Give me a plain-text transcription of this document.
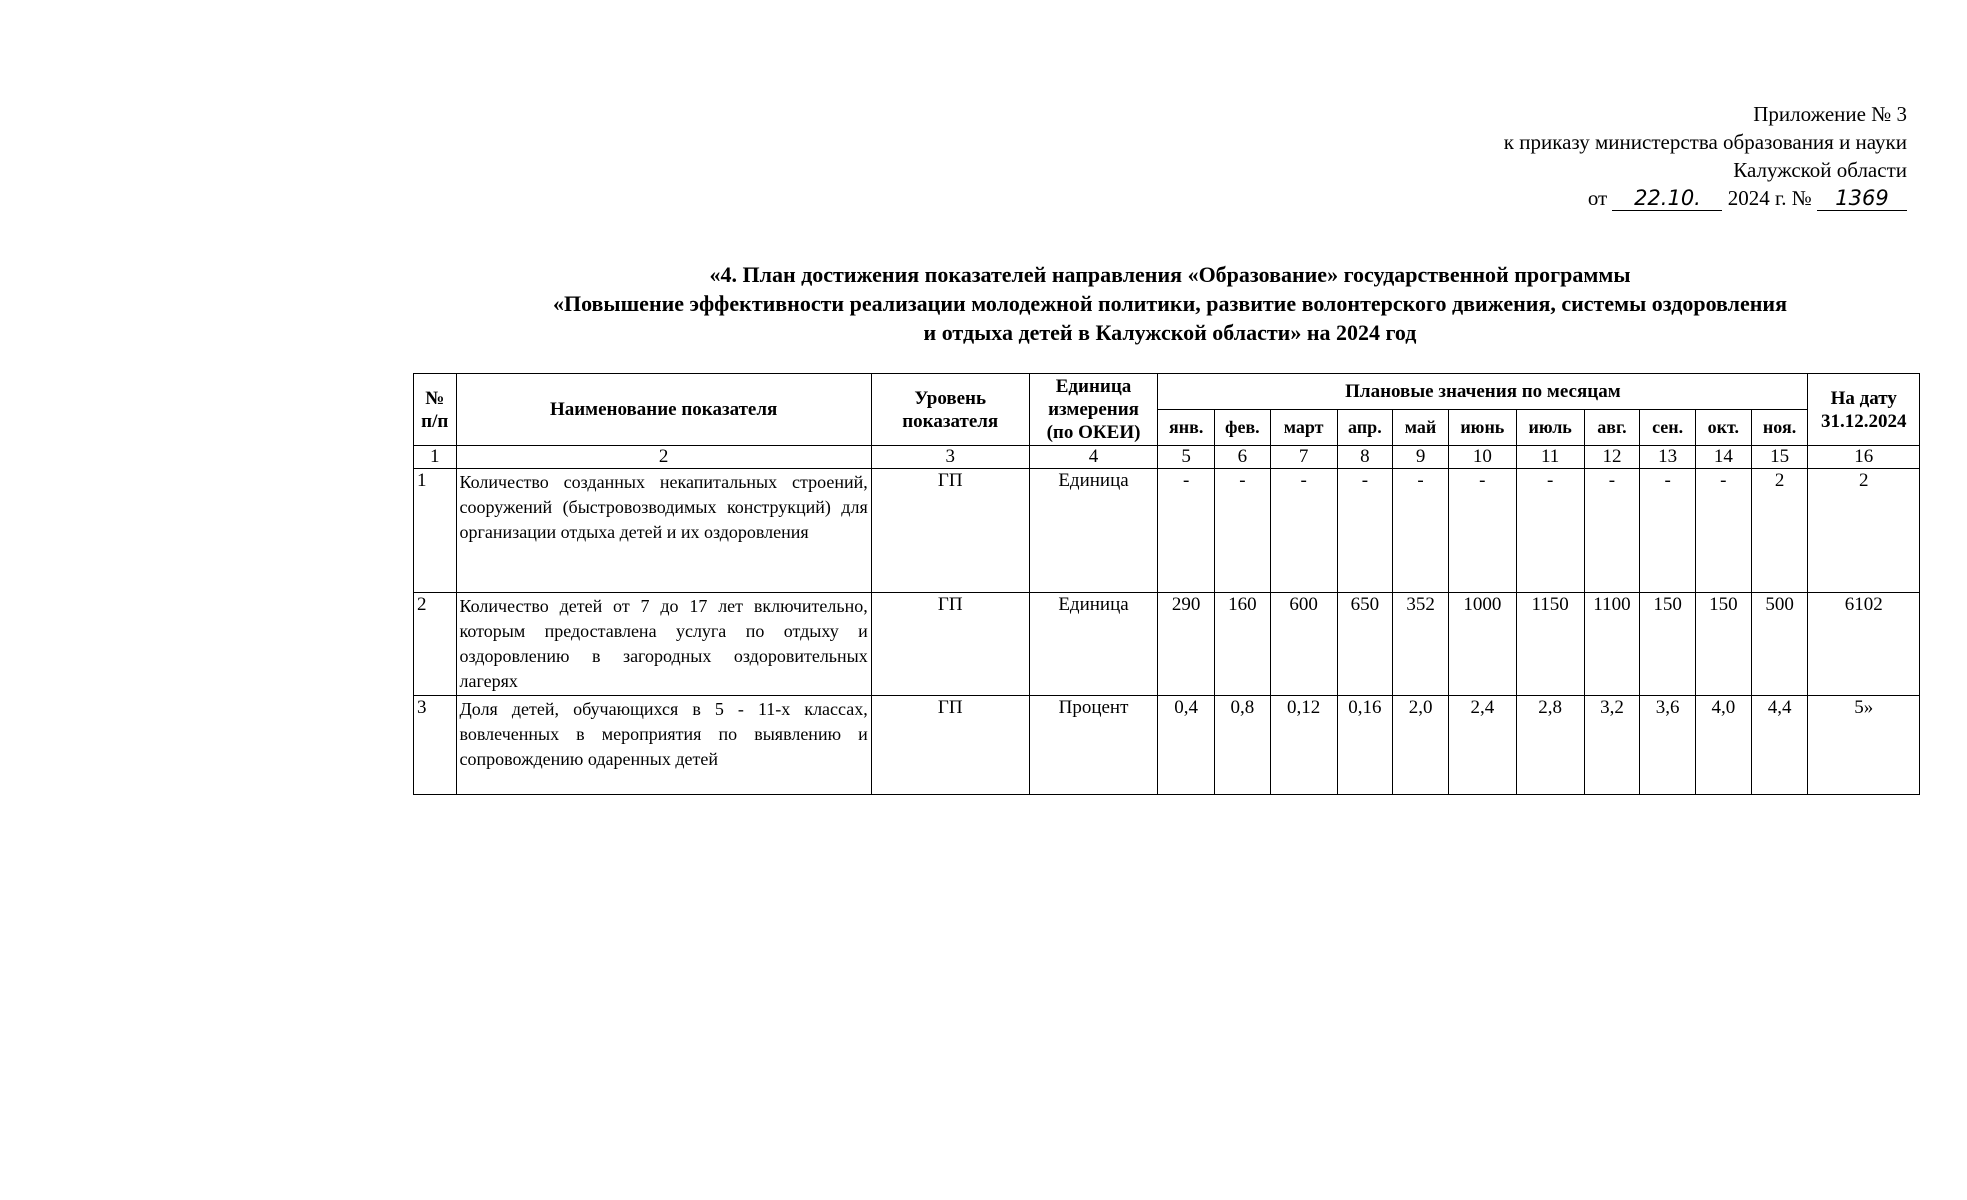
Приложение № 3
к приказу министерства образования и науки
Калужской области
от 22.10. 2024 г. № 1369
«4. План достижения показателей направления «Образование» государственной программы
«Повышение эффективности реализации молодежной политики, развитие волонтерского движения, системы оздоровления
и отдыха детей в Калужской области» на 2024 год
№ п/п	Наименование показателя	Уровень показателя	Единица измерения (по ОКЕИ)	Плановые значения по месяцам											На дату 31.12.2024
				янв.	фев.	март	апр.	май	июнь	июль	авг.	сен.	окт.	ноя.	
1	2	3	4	5	6	7	8	9	10	11	12	13	14	15	16
1	Количество созданных некапитальных строений, сооружений (быстровозводимых конструкций) для организации отдыха детей и их оздоровления	ГП	Единица	-	-	-	-	-	-	-	-	-	-	2	2
2	Количество детей от 7 до 17 лет включительно, которым предоставлена услуга по отдыху и оздоровлению в загородных оздоровительных лагерях	ГП	Единица	290	160	600	650	352	1000	1150	1100	150	150	500	6102
3	Доля детей, обучающихся в 5 - 11-х классах, вовлеченных в мероприятия по выявлению и сопровождению одаренных детей	ГП	Процент	0,4	0,8	0,12	0,16	2,0	2,4	2,8	3,2	3,6	4,0	4,4	5»
